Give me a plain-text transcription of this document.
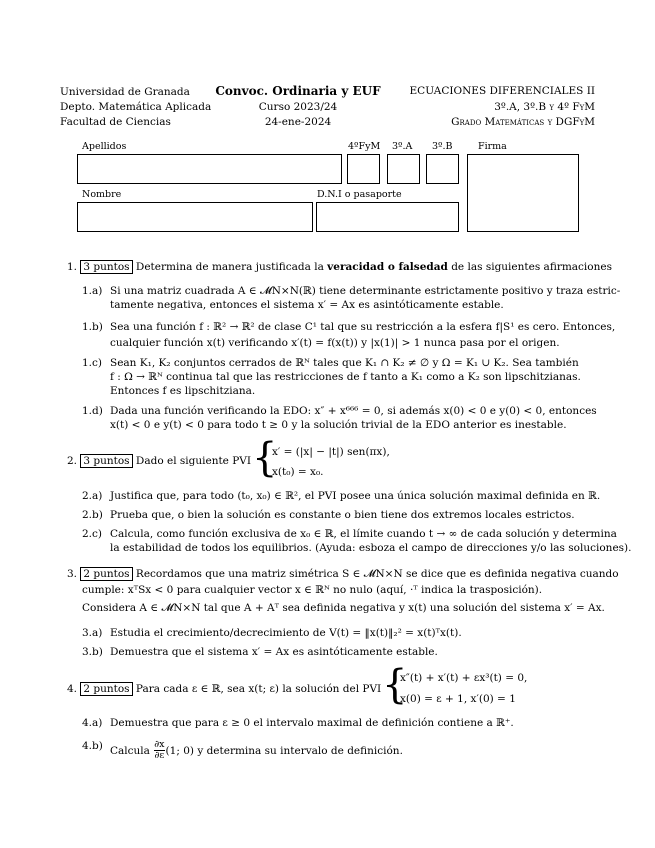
Universidad de Granada
Depto. Matemática Aplicada
Facultad de Ciencias
Convoc. Ordinaria y EUF
Curso 2023/24
24-ene-2024
ECUACIONES DIFERENCIALES II
3º.A, 3º.B y 4º FyM
Grado Matemáticas y DGFyM
Apellidos	4ºFyM 3º.A 3º.B	Firma
Nombre	D.N.I o pasaporte
1. 3 puntos Determina de manera justificada la veracidad o falsedad de las siguientes afirmaciones
1.a) Si una matriz cuadrada A ∈ 𝓜N×N(ℝ) tiene determinante estrictamente positivo y traza estric-
tamente negativa, entonces el sistema x′ = Ax es asintóticamente estable.
1.b) Sea una función f : ℝ² → ℝ² de clase C¹ tal que su restricción a la esfera f|S¹ es cero. Entonces,
cualquier función x(t) verificando x′(t) = f(x(t)) y |x(1)| > 1 nunca pasa por el origen.
1.c) Sean K₁, K₂ conjuntos cerrados de ℝᴺ tales que K₁ ∩ K₂ ≠ ∅ y Ω = K₁ ∪ K₂. Sea también
f : Ω → ℝᴺ continua tal que las restricciones de f tanto a K₁ como a K₂ son lipschitzianas.
Entonces f es lipschitziana.
1.d) Dada una función verificando la EDO: x″ + x⁶⁶⁶ = 0, si además x(0) < 0 e y(0) < 0, entonces
x(t) < 0 e y(t) < 0 para todo t ≥ 0 y la solución trivial de la EDO anterior es inestable.
2. 3 puntos Dado el siguiente PVI {
x′ = (|x| − |t|) sen(πx),
x(t₀) = x₀.
2.a) Justifica que, para todo (t₀, x₀) ∈ ℝ², el PVI posee una única solución maximal definida en ℝ.
2.b) Prueba que, o bien la solución es constante o bien tiene dos extremos locales estrictos.
2.c) Calcula, como función exclusiva de x₀ ∈ ℝ, el límite cuando t → ∞ de cada solución y determina
la estabilidad de todos los equilibrios. (Ayuda: esboza el campo de direcciones y/o las soluciones).
3. 2 puntos Recordamos que una matriz simétrica S ∈ 𝓜N×N se dice que es definida negativa cuando
cumple: xᵀSx < 0 para cualquier vector x ∈ ℝᴺ no nulo (aquí, ·ᵀ indica la trasposición).
Considera A ∈ 𝓜N×N tal que A + Aᵀ sea definida negativa y x(t) una solución del sistema x′ = Ax.
3.a) Estudia el crecimiento/decrecimiento de V(t) = ‖x(t)‖₂² = x(t)ᵀx(t).
3.b) Demuestra que el sistema x′ = Ax es asintóticamente estable.
4. 2 puntos Para cada ε ∈ ℝ, sea x(t; ε) la solución del PVI {
x″(t) + x′(t) + εx³(t) = 0,
x(0) = ε + 1, x′(0) = 1
4.a) Demuestra que para ε ≥ 0 el intervalo maximal de definición contiene a ℝ⁺.
4.b) Calcula $\frac{\partial x}{\partial\varepsilon} (1$; 0) y determina su intervalo de definición.
